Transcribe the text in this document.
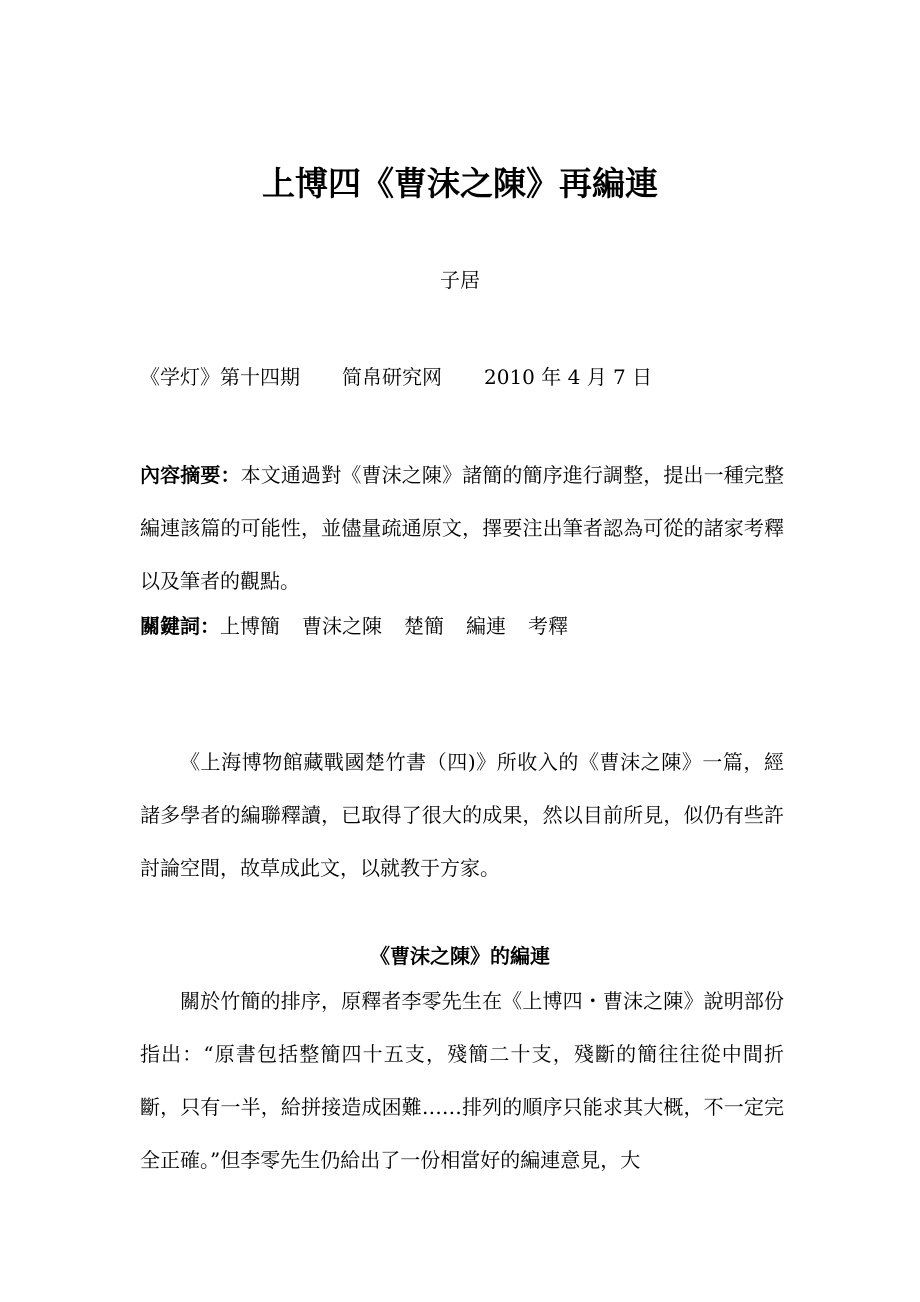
上博四《曹沫之陳》再編連
子居
《学灯》第十四期 简帛研究网 2010 年 4 月 7 日
內容摘要：本文通過對《曹沫之陳》諸簡的簡序進行調整，提出一種完整編連該篇的可能性，並儘量疏通原文，擇要注出筆者認為可從的諸家考釋以及筆者的觀點。
關鍵詞：上博簡 曹沫之陳 楚簡 編連 考釋
《上海博物館藏戰國楚竹書（四)》所收入的《曹沫之陳》一篇，經諸多學者的編聯釋讀，已取得了很大的成果，然以目前所見，似仍有些許討論空間，故草成此文，以就教于方家。
《曹沫之陳》的編連
關於竹簡的排序，原釋者李零先生在《上博四・曹沫之陳》說明部份指出：“原書包括整簡四十五支，殘簡二十支，殘斷的簡往往從中間折斷，只有一半，給拼接造成困難……排列的順序只能求其大概，不一定完全正確。”但李零先生仍給出了一份相當好的編連意見，大
